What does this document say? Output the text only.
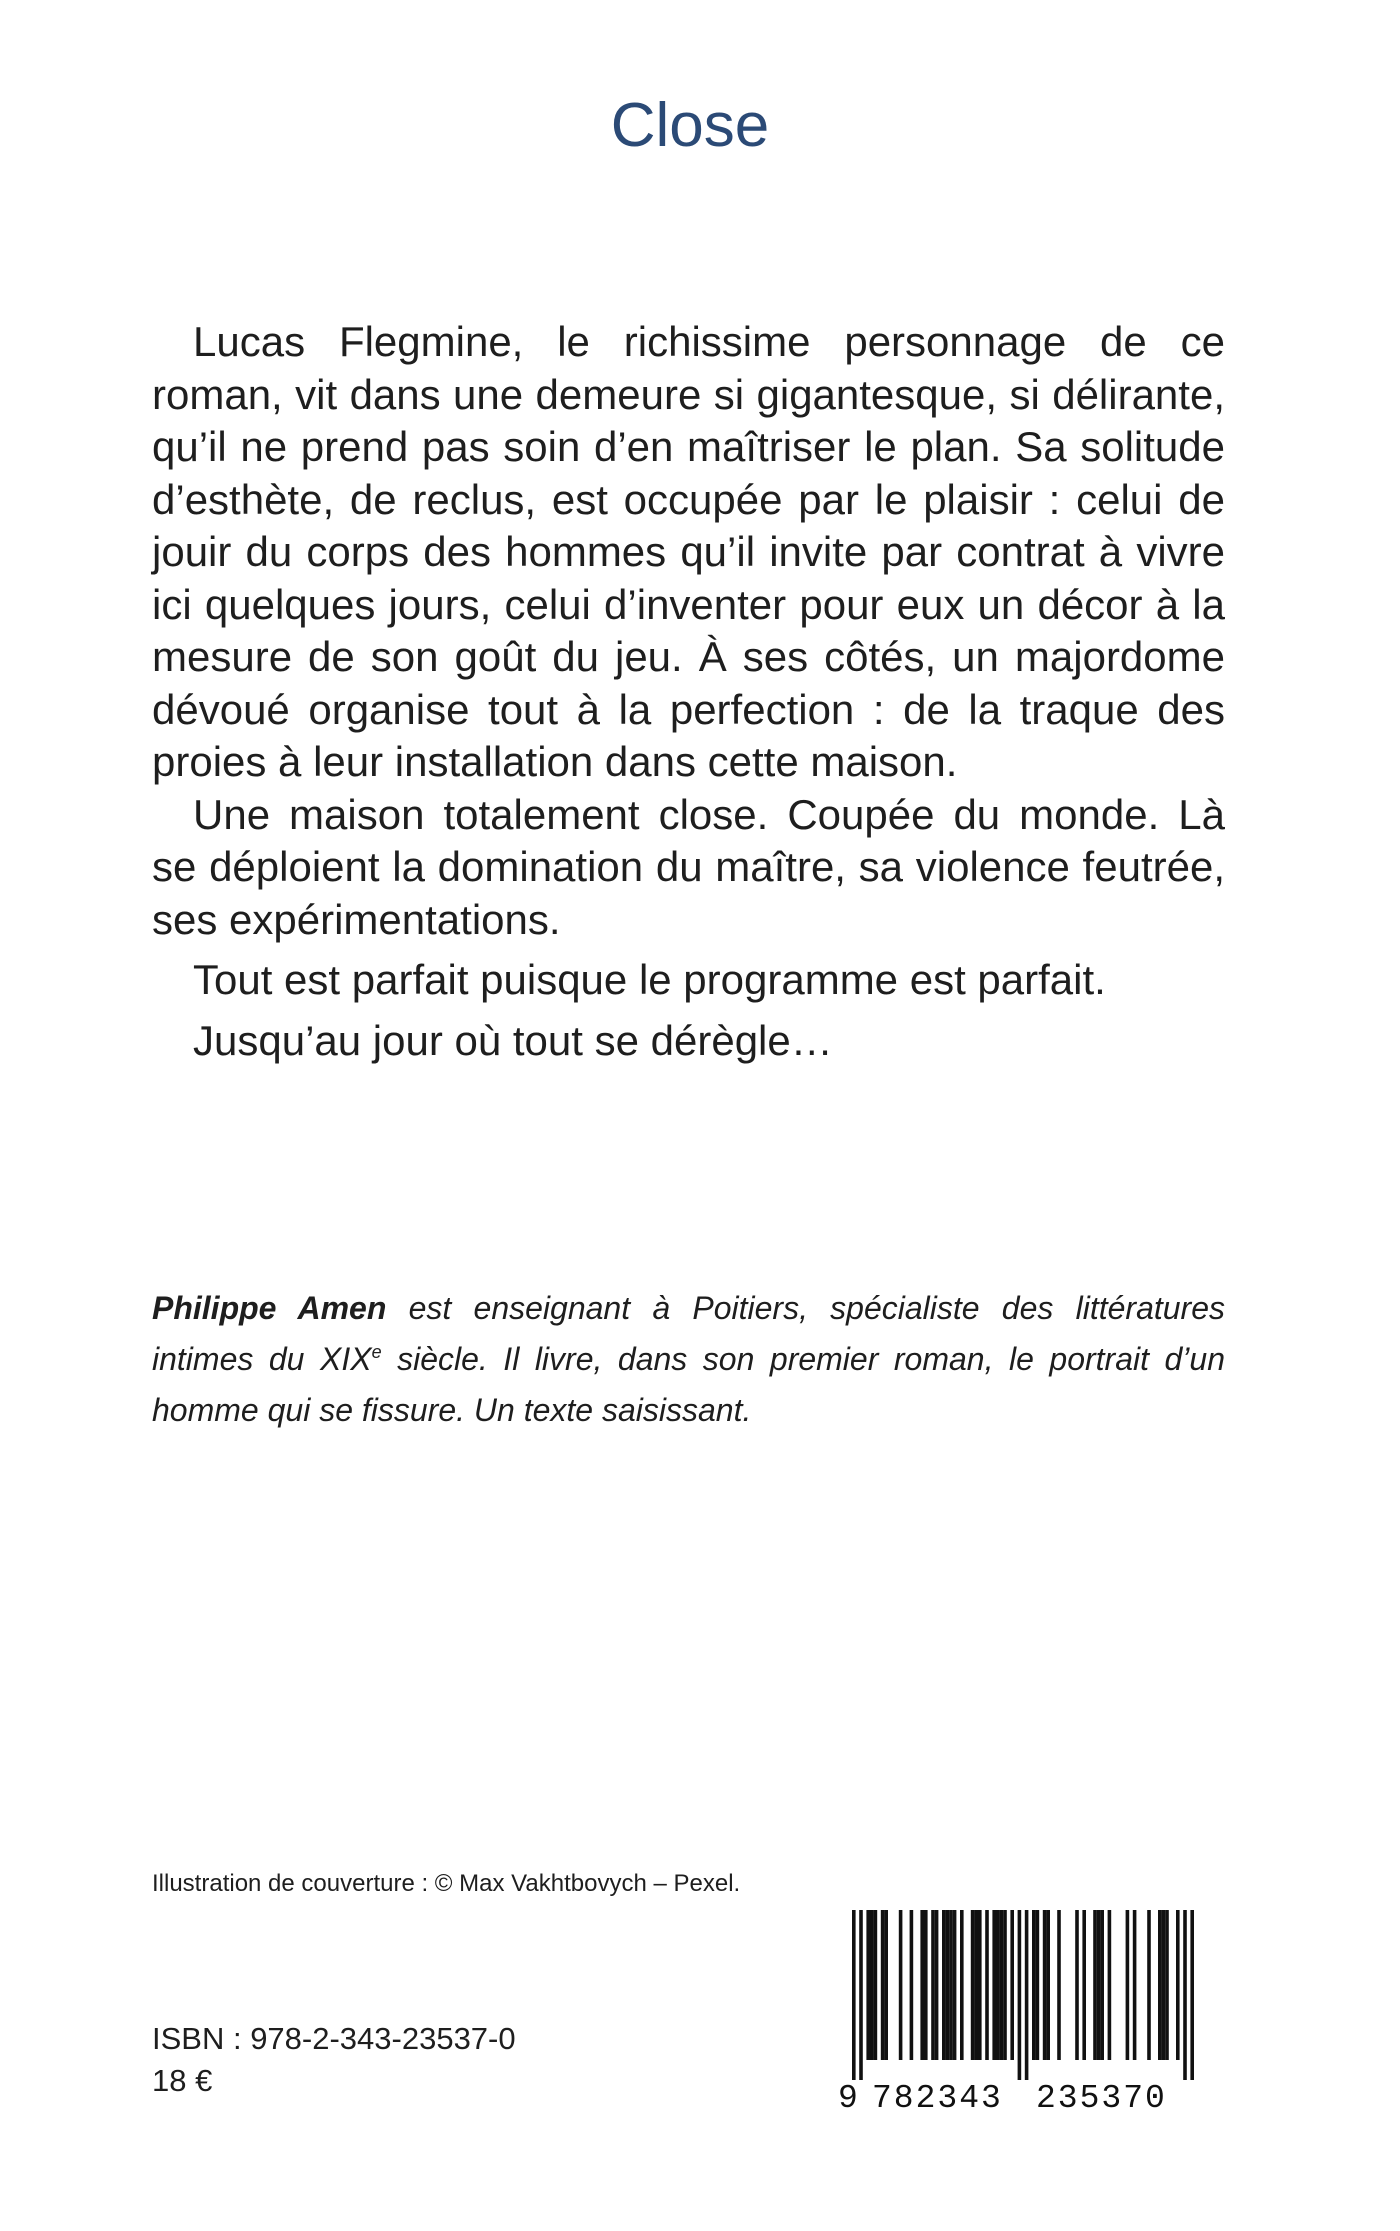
Close

Lucas Flegmine, le richissime personnage de ce roman, vit dans une demeure si gigantesque, si délirante, qu’il ne prend pas soin d’en maîtriser le plan. Sa solitude d’esthète, de reclus, est occupée par le plaisir : celui de jouir du corps des hommes qu’il invite par contrat à vivre ici quelques jours, celui d’inventer pour eux un décor à la mesure de son goût du jeu. À ses côtés, un majordome dévoué organise tout à la perfection : de la traque des proies à leur installation dans cette maison.

Une maison totalement close. Coupée du monde. Là se déploient la domination du maître, sa violence feutrée, ses expérimentations.

Tout est parfait puisque le programme est parfait.

Jusqu’au jour où tout se dérègle…

Philippe Amen est enseignant à Poitiers, spécialiste des littératures intimes du XIXe siècle. Il livre, dans son premier roman, le portrait d’un homme qui se fissure. Un texte saisissant.
Illustration de couverture : © Max Vakhtbovych – Pexel.
ISBN : 978-2-343-23537-0
18 €	9 782343 235370
